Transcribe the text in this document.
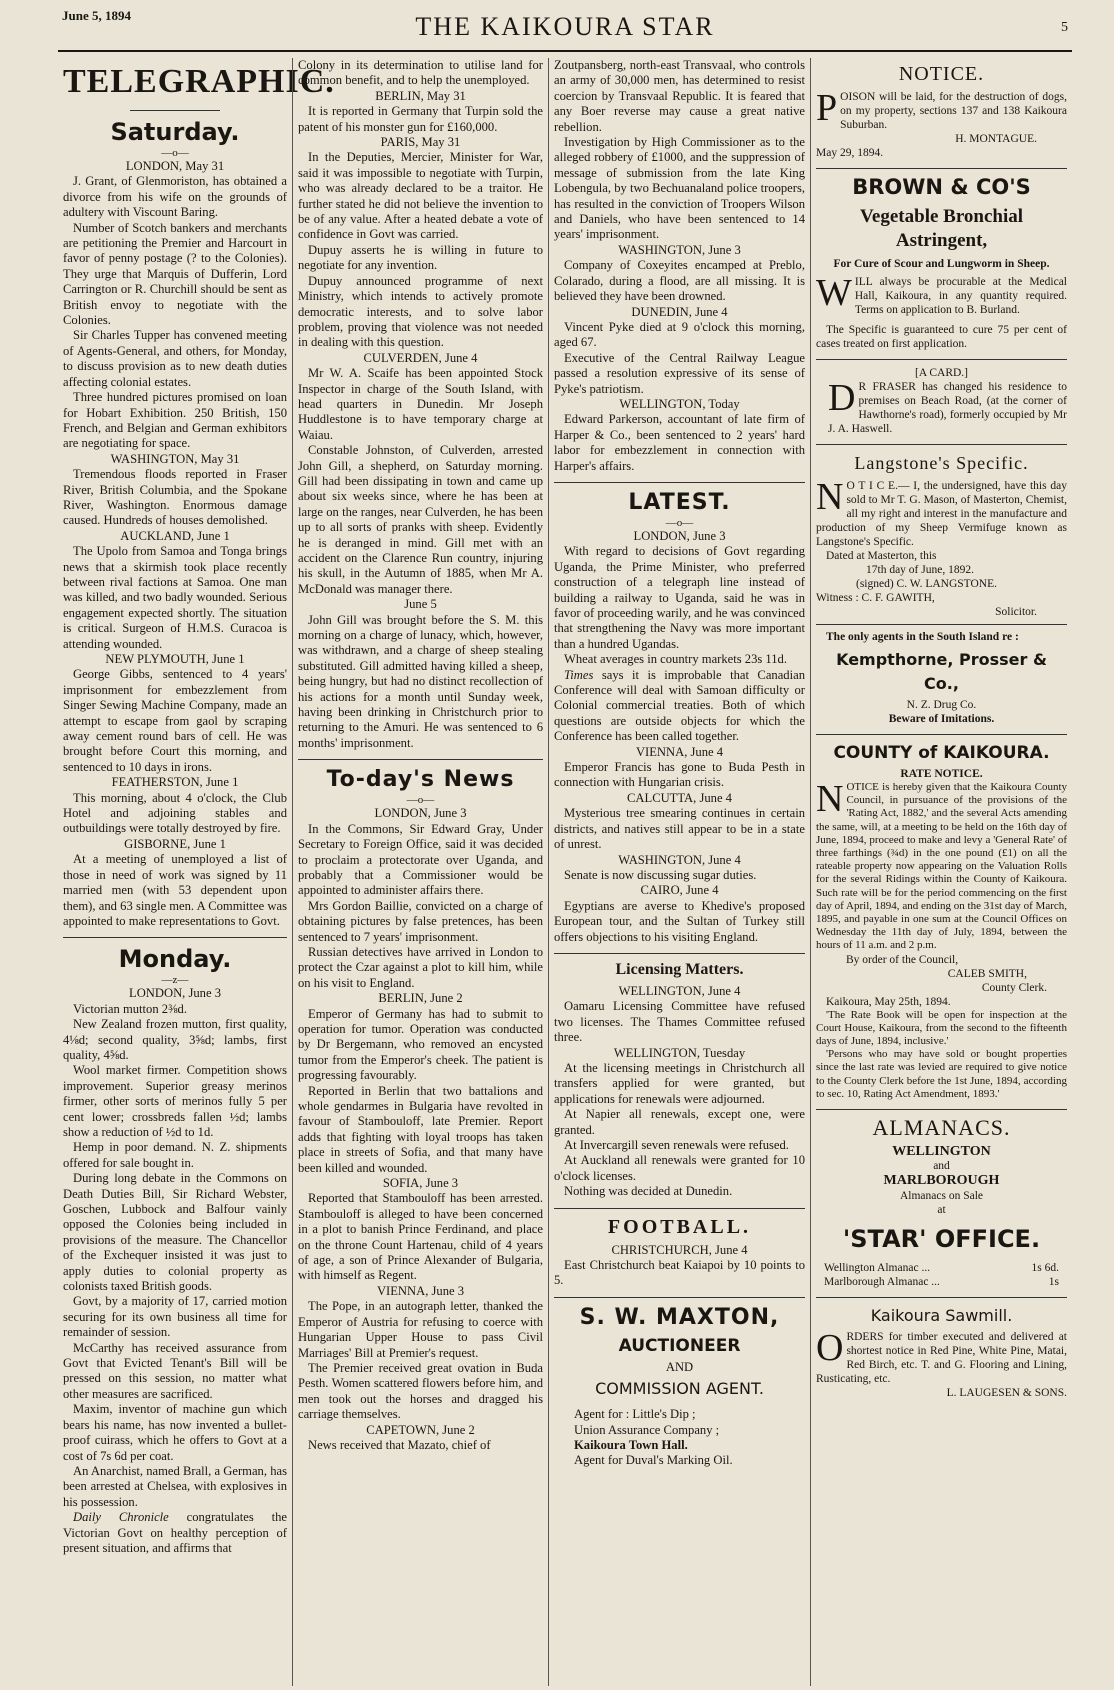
June 5, 1894	THE KAIKOURA STAR	5
TELEGRAPHIC.
Saturday.
—o—

LONDON, May 31

J. Grant, of Glenmoriston, has obtained a divorce from his wife on the grounds of adultery with Viscount Baring.

Number of Scotch bankers and merchants are petitioning the Premier and Harcourt in favor of penny postage (? to the Colonies). They urge that Marquis of Dufferin, Lord Carrington or R. Churchill should be sent as British envoy to negotiate with the Colonies.

Sir Charles Tupper has convened meeting of Agents-General, and others, for Monday, to discuss provision as to new death duties affecting colonial estates.

Three hundred pictures promised on loan for Hobart Exhibition. 250 British, 150 French, and Belgian and German exhibitors are negotiating for space.

WASHINGTON, May 31

Tremendous floods reported in Fraser River, British Columbia, and the Spokane River, Washington. Enormous damage caused. Hundreds of houses demolished.

AUCKLAND, June 1

The Upolo from Samoa and Tonga brings news that a skirmish took place recently between rival factions at Samoa. One man was killed, and two badly wounded. Serious engagement expected shortly. The situation is critical. Surgeon of H.M.S. Curacoa is attending wounded.

NEW PLYMOUTH, June 1

George Gibbs, sentenced to 4 years' imprisonment for embezzlement from Singer Sewing Machine Company, made an attempt to escape from gaol by scraping away cement round bars of cell. He was brought before Court this morning, and sentenced to 10 days in irons.

FEATHERSTON, June 1

This morning, about 4 o'clock, the Club Hotel and adjoining stables and outbuildings were totally destroyed by fire.

GISBORNE, June 1

At a meeting of unemployed a list of those in need of work was signed by 11 married men (with 53 dependent upon them), and 63 single men. A Committee was appointed to make representations to Govt.

Monday.
—z—

LONDON, June 3

Victorian mutton 2⅜d.

New Zealand frozen mutton, first quality, 4⅛d; second quality, 3⅝d; lambs, first quality, 4⅝d.

Wool market firmer. Competition shows improvement. Superior greasy merinos firmer, other sorts of merinos fully 5 per cent lower; crossbreds fallen ½d; lambs show a reduction of ½d to 1d.

Hemp in poor demand. N. Z. shipments offered for sale bought in.

During long debate in the Commons on Death Duties Bill, Sir Richard Webster, Goschen, Lubbock and Balfour vainly opposed the Colonies being included in provisions of the measure. The Chancellor of the Exchequer insisted it was just to apply duties to colonial property as colonists taxed British goods.

Govt, by a majority of 17, carried motion securing for its own business all time for remainder of session.

McCarthy has received assurance from Govt that Evicted Tenant's Bill will be pressed on this session, no matter what other measures are sacrificed.

Maxim, inventor of machine gun which bears his name, has now invented a bullet-proof cuirass, which he offers to Govt at a cost of 7s 6d per coat.

An Anarchist, named Brall, a German, has been arrested at Chelsea, with explosives in his possession.

Daily Chronicle congratulates the Victorian Govt on healthy perception of present situation, and affirms that

Colony in its determination to utilise land for common benefit, and to help the unemployed.

BERLIN, May 31

It is reported in Germany that Turpin sold the patent of his monster gun for £160,000.

PARIS, May 31

In the Deputies, Mercier, Minister for War, said it was impossible to negotiate with Turpin, who was already declared to be a traitor. He further stated he did not believe the invention to be of any value. After a heated debate a vote of confidence in Govt was carried.

Dupuy asserts he is willing in future to negotiate for any invention.

Dupuy announced programme of next Ministry, which intends to actively promote democratic interests, and to solve labor problem, proving that violence was not needed in dealing with this question.

CULVERDEN, June 4

Mr W. A. Scaife has been appointed Stock Inspector in charge of the South Island, with head quarters in Dunedin. Mr Joseph Huddlestone is to have temporary charge at Waiau.

Constable Johnston, of Culverden, arrested John Gill, a shepherd, on Saturday morning. Gill had been dissipating in town and came up about six weeks since, where he has been at large on the ranges, near Culverden, he has been up to all sorts of pranks with sheep. Evidently he is deranged in mind. Gill met with an accident on the Clarence Run country, injuring his skull, in the Autumn of 1885, when Mr A. McDonald was manager there.

June 5

John Gill was brought before the S. M. this morning on a charge of lunacy, which, however, was withdrawn, and a charge of sheep stealing substituted. Gill admitted having killed a sheep, being hungry, but had no distinct recollection of his actions for a month until Sunday week, having been drinking in Christchurch prior to returning to the Amuri. He was sentenced to 6 months' imprisonment.

To-day's News
—o—

LONDON, June 3

In the Commons, Sir Edward Gray, Under Secretary to Foreign Office, said it was decided to proclaim a protectorate over Uganda, and probably that a Commissioner would be appointed to administer affairs there.

Mrs Gordon Baillie, convicted on a charge of obtaining pictures by false pretences, has been sentenced to 7 years' imprisonment.

Russian detectives have arrived in London to protect the Czar against a plot to kill him, while on his visit to England.

BERLIN, June 2

Emperor of Germany has had to submit to operation for tumor. Operation was conducted by Dr Bergemann, who removed an encysted tumor from the Emperor's cheek. The patient is progressing favourably.

Reported in Berlin that two battalions and whole gendarmes in Bulgaria have revolted in favour of Stambouloff, late Premier. Report adds that fighting with loyal troops has taken place in streets of Sofia, and that many have been killed and wounded.

SOFIA, June 3

Reported that Stambouloff has been arrested. Stambouloff is alleged to have been concerned in a plot to banish Prince Ferdinand, and place on the throne Count Hartenau, child of 4 years of age, a son of Prince Alexander of Bulgaria, with himself as Regent.

VIENNA, June 3

The Pope, in an autograph letter, thanked the Emperor of Austria for refusing to coerce with Hungarian Upper House to pass Civil Marriages' Bill at Premier's request.

The Premier received great ovation in Buda Pesth. Women scattered flowers before him, and men took out the horses and dragged his carriage themselves.

CAPETOWN, June 2

News received that Mazato, chief of

Zoutpansberg, north-east Transvaal, who controls an army of 30,000 men, has determined to resist coercion by Transvaal Republic. It is feared that any Boer reverse may cause a great native rebellion.

Investigation by High Commissioner as to the alleged robbery of £1000, and the suppression of message of submission from the late King Lobengula, by two Bechuanaland police troopers, has resulted in the conviction of Troopers Wilson and Daniels, who have been sentenced to 14 years' imprisonment.

WASHINGTON, June 3

Company of Coxeyites encamped at Preblo, Colarado, during a flood, are all missing. It is believed they have been drowned.

DUNEDIN, June 4

Vincent Pyke died at 9 o'clock this morning, aged 67.

Executive of the Central Railway League passed a resolution expressive of its sense of Pyke's patriotism.

WELLINGTON, Today

Edward Parkerson, accountant of late firm of Harper & Co., been sentenced to 2 years' hard labor for embezzlement in connection with Harper's affairs.

LATEST.
—o—

LONDON, June 3

With regard to decisions of Govt regarding Uganda, the Prime Minister, who preferred construction of a telegraph line instead of building a railway to Uganda, said he was in favor of proceeding warily, and he was convinced that strengthening the Navy was more important than a hundred Ugandas.

Wheat averages in country markets 23s 11d.

Times says it is improbable that Canadian Conference will deal with Samoan difficulty or Colonial commercial treaties. Both of which questions are outside objects for which the Conference has been called together.

VIENNA, June 4

Emperor Francis has gone to Buda Pesth in connection with Hungarian crisis.

CALCUTTA, June 4

Mysterious tree smearing continues in certain districts, and natives still appear to be in a state of unrest.

WASHINGTON, June 4

Senate is now discussing sugar duties.

CAIRO, June 4

Egyptians are averse to Khedive's proposed European tour, and the Sultan of Turkey still offers objections to his visiting England.

Licensing Matters.

WELLINGTON, June 4

Oamaru Licensing Committee have refused two licenses. The Thames Committee refused three.

WELLINGTON, Tuesday

At the licensing meetings in Christchurch all transfers applied for were granted, but applications for renewals were adjourned.

At Napier all renewals, except one, were granted.

At Invercargill seven renewals were refused.

At Auckland all renewals were granted for 10 o'clock licenses.

Nothing was decided at Dunedin.

FOOTBALL.

CHRISTCHURCH, June 4

East Christchurch beat Kaiapoi by 10 points to 5.

S. W. MAXTON,
AUCTIONEER

AND

COMMISSION AGENT.

Agent for : Little's Dip ;

Union Assurance Company ;

Kaikoura Town Hall.

Agent for Duval's Marking Oil.

NOTICE.

POISON will be laid, for the destruction of dogs, on my property, sections 137 and 138 Kaikoura Suburban.

H. MONTAGUE.

May 29, 1894.

BROWN & CO'S
Vegetable Bronchial Astringent,

For Cure of Scour and Lungworm in Sheep.

WILL always be procurable at the Medical Hall, Kaikoura, in any quantity required. Terms on application to B. Burland.

The Specific is guaranteed to cure 75 per cent of cases treated on first application.

[A CARD.]

D R FRASER has changed his residence to premises on Beach Road, (at the corner of Hawthorne's road), formerly occupied by Mr J. A. Haswell.

Langstone's Specific.

N O T I C E.— I, the undersigned, have this day sold to Mr T. G. Mason, of Masterton, Chemist, all my right and interest in the manufacture and production of my Sheep Vermifuge known as Langstone's Specific.

Dated at Masterton, this

17th day of June, 1892.

(signed) C. W. LANGSTONE.

Witness : C. F. GAWITH,

Solicitor.

The only agents in the South Island re :

Kempthorne, Prosser & Co.,

N. Z. Drug Co.

Beware of Imitations.

COUNTY of KAIKOURA.

RATE NOTICE.

NOTICE is hereby given that the Kaikoura County Council, in pursuance of the provisions of the 'Rating Act, 1882,' and the several Acts amending the same, will, at a meeting to be held on the 16th day of June, 1894, proceed to make and levy a 'General Rate' of three farthings (¾d) in the one pound (£1) on all the rateable property now appearing on the Valuation Rolls for the several Ridings within the County of Kaikoura. Such rate will be for the period commencing on the first day of April, 1894, and ending on the 31st day of March, 1895, and payable in one sum at the Council Offices on Wednesday the 11th day of July, 1894, between the hours of 11 a.m. and 2 p.m.

By order of the Council,

CALEB SMITH,

County Clerk.

Kaikoura, May 25th, 1894.

'The Rate Book will be open for inspection at the Court House, Kaikoura, from the second to the fifteenth days of June, 1894, inclusive.'

'Persons who may have sold or bought properties since the last rate was levied are required to give notice to the County Clerk before the 1st June, 1894, according to sec. 10, Rating Act Amendment, 1893.'

ALMANACS.

WELLINGTON

and

MARLBOROUGH

Almanacs on Sale

at

'STAR' OFFICE.
Wellington Almanac ...	1s 6d.
Marlborough Almanac ...	1s
Kaikoura Sawmill.

ORDERS for timber executed and delivered at shortest notice in Red Pine, White Pine, Matai, Red Birch, etc. T. and G. Flooring and Lining, Rusticating, etc.

L. LAUGESEN & SONS.
